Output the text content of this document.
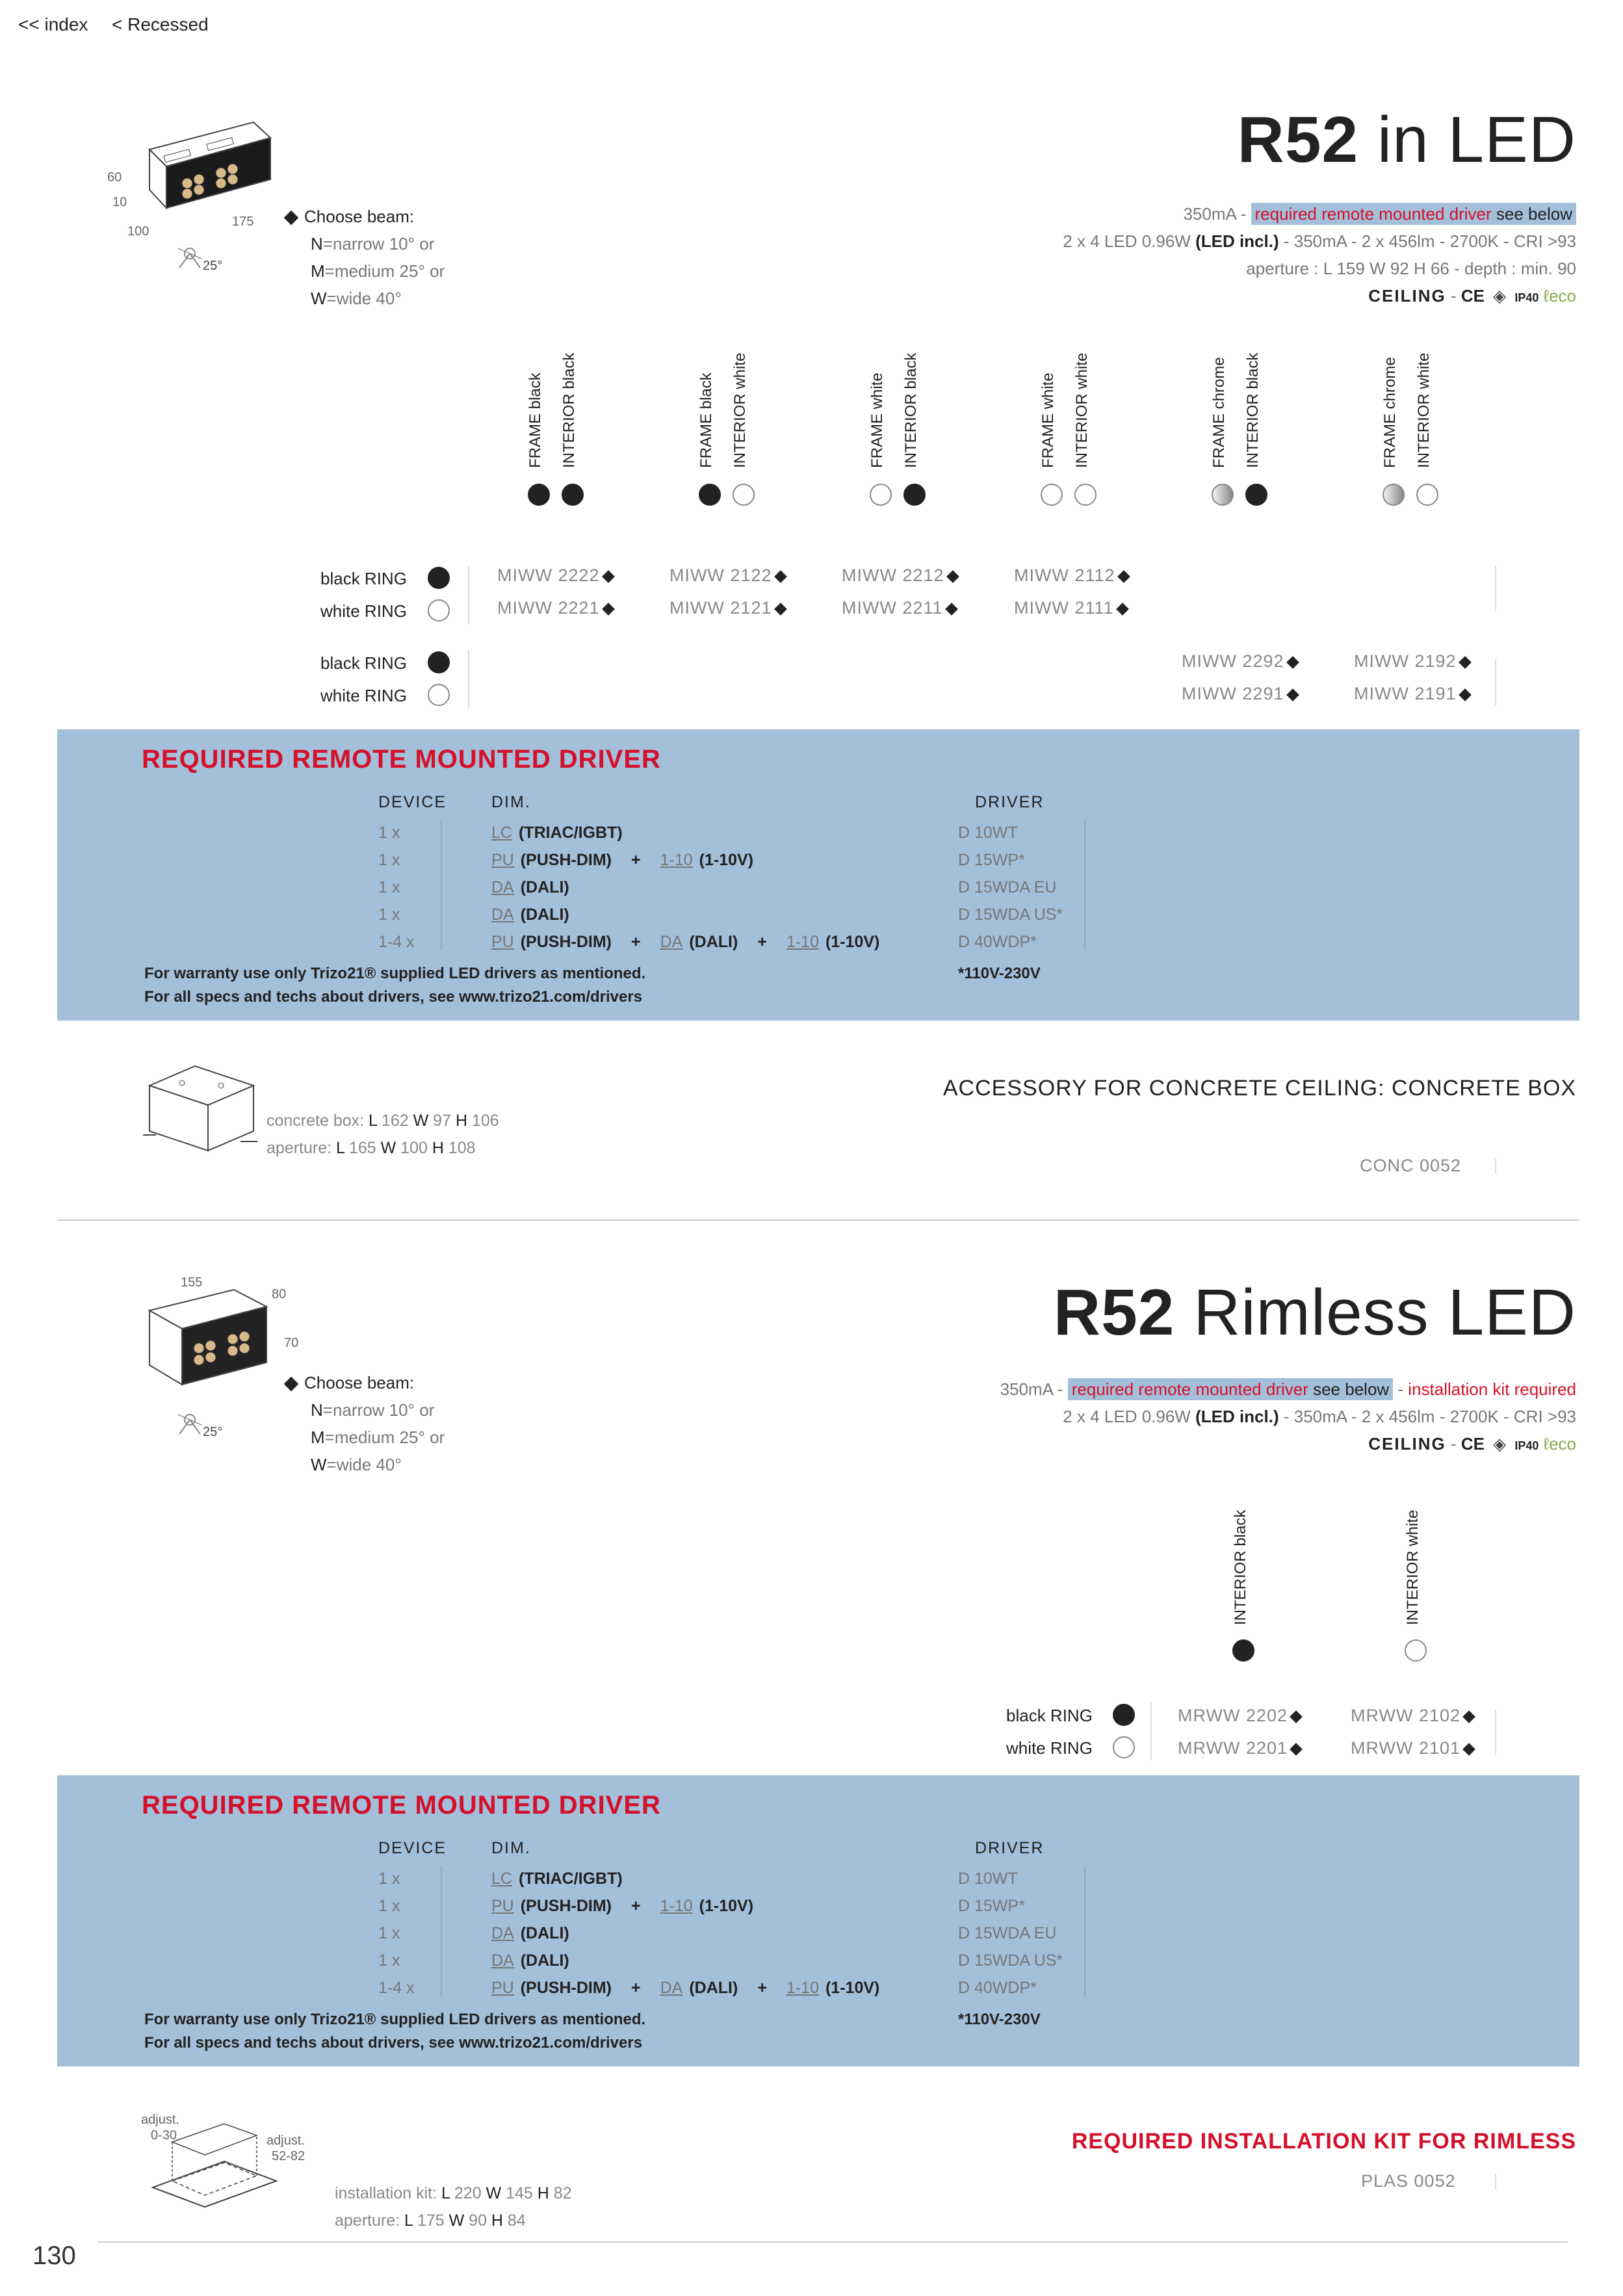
<< index < Recessed
R52 in LED
60
10
100
175
25°
Choose beam:
N=narrow 10° or
M=medium 25° or
W=wide 40°
350mA - required remote mounted driver see below
2 x 4 LED 0.96W (LED incl.) - 350mA - 2 x 456lm - 2700K - CRI >93
aperture : L 159 W 92 H 66 - depth : min. 90
CEILING - CE ◈ IP40 ℓeco
FRAME black INTERIOR black	FRAME black INTERIOR white	FRAME white INTERIOR black	FRAME white INTERIOR white	FRAME chrome INTERIOR black	FRAME chrome INTERIOR white
black RING
white RING
MIWW 2222	MIWW 2122	MIWW 2212	MIWW 2112
MIWW 2221	MIWW 2121	MIWW 2211	MIWW 2111
black RING
white RING
MIWW 2292	MIWW 2192
MIWW 2291	MIWW 2191
REQUIRED REMOTE MOUNTED DRIVER
DEVICE	DIM.	DRIVER
1 x	LC (TRIAC/IGBT)	D 10WT
1 x	PU (PUSH-DIM) + 1-10 (1-10V)	D 15WP*
1 x	DA (DALI)	D 15WDA EU
1 x	DA (DALI)	D 15WDA US*
1-4 x	PU (PUSH-DIM) + DA (DALI) + 1-10 (1-10V)	D 40WDP*
For warranty use only Trizo21® supplied LED drivers as mentioned.	*110V-230V
For all specs and techs about drivers, see www.trizo21.com/drivers
ACCESSORY FOR CONCRETE CEILING: CONCRETE BOX
concrete box: L 162 W 97 H 106
aperture: L 165 W 100 H 108
CONC 0052
R52 Rimless LED
155
80
70
25°
Choose beam:
N=narrow 10° or
M=medium 25° or
W=wide 40°
350mA - required remote mounted driver see below - installation kit required
2 x 4 LED 0.96W (LED incl.) - 350mA - 2 x 456lm - 2700K - CRI >93
CEILING - CE ◈ IP40 ℓeco
INTERIOR black	INTERIOR white
black RING
white RING
MRWW 2202	MRWW 2102
MRWW 2201	MRWW 2101
REQUIRED REMOTE MOUNTED DRIVER
DEVICE	DIM.	DRIVER
1 x	LC (TRIAC/IGBT)	D 10WT
1 x	PU (PUSH-DIM) + 1-10 (1-10V)	D 15WP*
1 x	DA (DALI)	D 15WDA EU
1 x	DA (DALI)	D 15WDA US*
1-4 x	PU (PUSH-DIM) + DA (DALI) + 1-10 (1-10V)	D 40WDP*
For warranty use only Trizo21® supplied LED drivers as mentioned.	*110V-230V
For all specs and techs about drivers, see www.trizo21.com/drivers
adjust.
0-30	adjust.
52-82
REQUIRED INSTALLATION KIT FOR RIMLESS
installation kit: L 220 W 145 H 82
aperture: L 175 W 90 H 84
PLAS 0052
130
